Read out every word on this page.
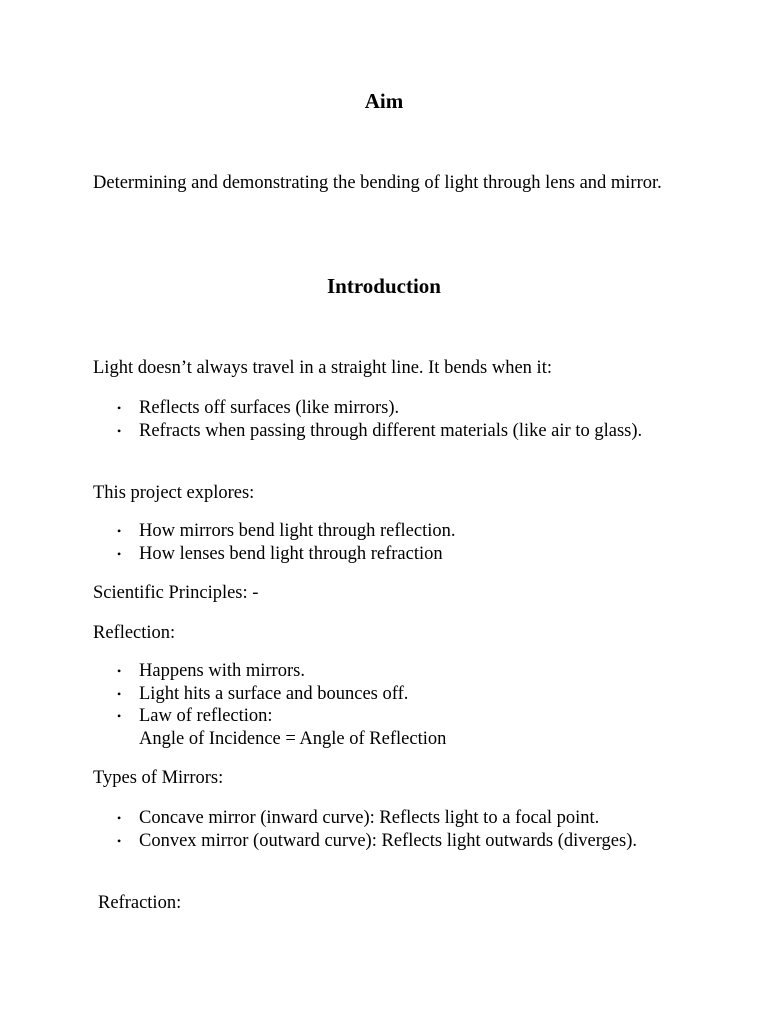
Aim

Determining and demonstrating the bending of light through lens and mirror.

Introduction

Light doesn’t always travel in a straight line. It bends when it:

• Reflects off surfaces (like mirrors).
• Refracts when passing through different materials (like air to glass).

This project explores:

• How mirrors bend light through reflection.
• How lenses bend light through refraction

Scientific Principles: -

Reflection:

• Happens with mirrors.
• Light hits a surface and bounces off.
• Law of reflection:
Angle of Incidence = Angle of Reflection

Types of Mirrors:

• Concave mirror (inward curve): Reflects light to a focal point.
• Convex mirror (outward curve): Reflects light outwards (diverges).

Refraction:
